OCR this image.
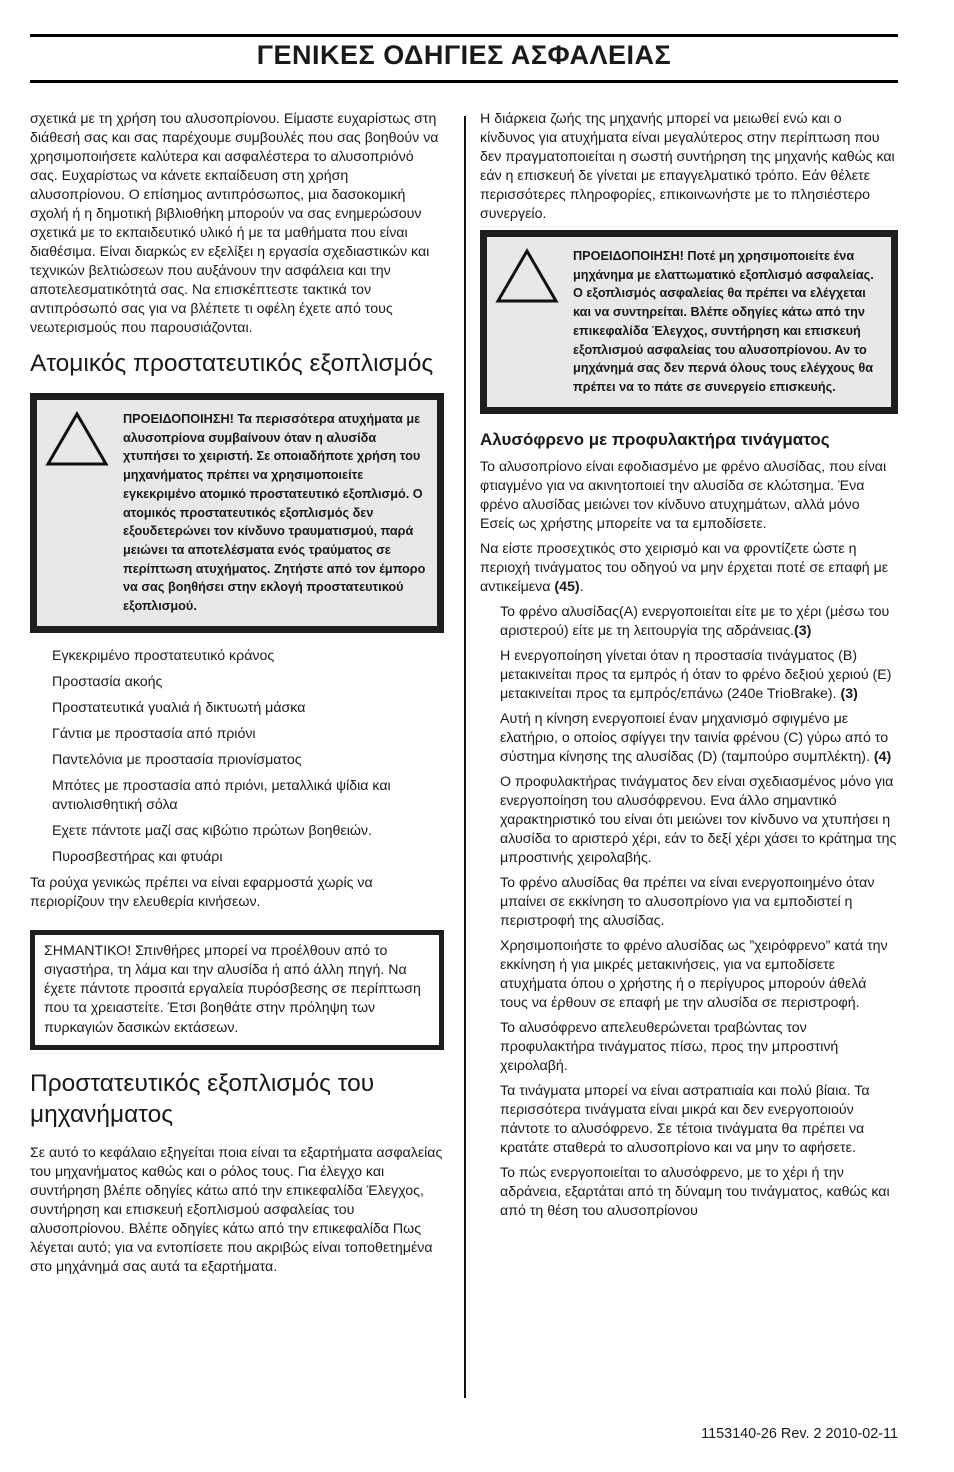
ΓΕΝΙΚΕΣ ΟΔΗΓΙΕΣ ΑΣΦΑΛΕΙΑΣ

σχετικά με τη χρήση του αλυσοπρίονου. Είμαστε ευχαρίστως στη διάθεσή σας και σας παρέχουμε συμβουλές που σας βοηθούν να χρησιμοποιήσετε καλύτερα και ασφαλέστερα το αλυσοπριόνό σας. Ευχαρίστως να κάνετε εκπαίδευση στη χρήση αλυσοπρίονου. Ο επίσημος αντιπρόσωπος, μια δασοκομική σχολή ή η δημοτική βιβλιοθήκη μπορούν να σας ενημερώσουν σχετικά με το εκπαιδευτικό υλικό ή με τα μαθήματα που είναι διαθέσιμα. Είναι διαρκώς εν εξελίξει η εργασία σχεδιαστικών και τεχνικών βελτιώσεων που αυξάνουν την ασφάλεια και την αποτελεσματικότητά σας. Να επισκέπτεστε τακτικά τον αντιπρόσωπό σας για να βλέπετε τι οφέλη έχετε από τους νεωτερισμούς που παρουσιάζονται.

Ατομικός προστατευτικός εξοπλισμός
ΠΡΟΕΙΔΟΠΟΙΗΣΗ! Τα περισσότερα ατυχήματα με αλυσοπρίονα συμβαίνουν όταν η αλυσίδα χτυπήσει το χειριστή. Σε οποιαδήποτε χρήση του μηχανήματος πρέπει να χρησιμοποιείτε εγκεκριμένο ατομικό προστατευτικό εξοπλισμό. Ο ατομικός προστατευτικός εξοπλισμός δεν εξουδετερώνει τον κίνδυνο τραυματισμού, παρά μειώνει τα αποτελέσματα ενός τραύματος σε περίπτωση ατυχήματος. Ζητήστε από τον έμπορο να σας βοηθήσει στην εκλογή προστατευτικού εξοπλισμού.
Εγκεκριμένο προστατευτικό κράνος
Προστασία ακοής
Προστατευτικά γυαλιά ή δικτυωτή μάσκα
Γάντια με προστασία από πριόνι
Παντελόνια με προστασία πριονίσματος
Μπότες με προστασία από πριόνι, μεταλλικά ψίδια και αντιολισθητική σόλα
Εχετε πάντοτε μαζί σας κιβώτιο πρώτων βοηθειών.
Πυροσβεστήρας και φτυάρι

Τα ρούχα γενικώς πρέπει να είναι εφαρμοστά χωρίς να περιορίζουν την ελευθερία κινήσεων.

ΣΗΜΑΝΤΙΚΟ! Σπινθήρες μπορεί να προέλθουν από το σιγαστήρα, τη λάμα και την αλυσίδα ή από άλλη πηγή. Να έχετε πάντοτε προσιτά εργαλεία πυρόσβεσης σε περίπτωση που τα χρειαστείτε. Έτσι βοηθάτε στην πρόληψη των πυρκαγιών δασικών εκτάσεων.

Προστατευτικός εξοπλισμός του μηχανήματος

Σε αυτό το κεφάλαιο εξηγείται ποια είναι τα εξαρτήματα ασφαλείας του μηχανήματος καθώς και ο ρόλος τους. Για έλεγχο και συντήρηση βλέπε οδηγίες κάτω από την επικεφαλίδα Έλεγχος, συντήρηση και επισκευή εξοπλισμού ασφαλείας του αλυσοπρίονου. Βλέπε οδηγίες κάτω από την επικεφαλίδα Πως λέγεται αυτό; για να εντοπίσετε που ακριβώς είναι τοποθετημένα στο μηχάνημά σας αυτά τα εξαρτήματα.

Η διάρκεια ζωής της μηχανής μπορεί να μειωθεί ενώ και ο κίνδυνος για ατυχήματα είναι μεγαλύτερος στην περίπτωση που δεν πραγματοποιείται η σωστή συντήρηση της μηχανής καθώς και εάν η επισκευή δε γίνεται με επαγγελματικό τρόπο. Εάν θέλετε περισσότερες πληροφορίες, επικοινωνήστε με το πλησιέστερο συνεργείο.

ΠΡΟΕΙΔΟΠΟΙΗΣΗ! Ποτέ μη χρησιμοποιείτε ένα μηχάνημα με ελαττωματικό εξοπλισμό ασφαλείας. Ο εξοπλισμός ασφαλείας θα πρέπει να ελέγχεται και να συντηρείται. Βλέπε οδηγίες κάτω από την επικεφαλίδα Έλεγχος, συντήρηση και επισκευή εξοπλισμού ασφαλείας του αλυσοπρίονου. Αν το μηχάνημά σας δεν περνά όλους τους ελέγχους θα πρέπει να το πάτε σε συνεργείο επισκευής.
Αλυσόφρενο με προφυλακτήρα τινάγματος

Το αλυσοπρίονο είναι εφοδιασμένο με φρένο αλυσίδας, που είναι φτιαγμένο για να ακινητοποιεί την αλυσίδα σε κλώτσημα. Ένα φρένο αλυσίδας μειώνει τον κίνδυνο ατυχημάτων, αλλά μόνο Εσείς ως χρήστης μπορείτε να τα εμποδίσετε.

Να είστε προσεχτικός στο χειρισμό και να φροντίζετε ώστε η περιοχή τινάγματος του οδηγού να μην έρχεται ποτέ σε επαφή με αντικείμενα (45).

Το φρένο αλυσίδας(A) ενεργοποιείται είτε με το χέρι (μέσω του αριστερού) είτε με τη λειτουργία της αδράνειας.(3)

Η ενεργοποίηση γίνεται όταν η προστασία τινάγματος (B) μετακινείται προς τα εμπρός ή όταν το φρένο δεξιού χεριού (E) μετακινείται προς τα εμπρός/επάνω (240e TrioBrake). (3)

Αυτή η κίνηση ενεργοποιεί έναν μηχανισμό σφιγμένο με ελατήριο, ο οποίος σφίγγει την ταινία φρένου (C) γύρω από το σύστημα κίνησης της αλυσίδας (D) (ταμπούρο συμπλέκτη). (4)

Ο προφυλακτήρας τινάγματος δεν είναι σχεδιασμένος μόνο για ενεργοποίηση του αλυσόφρενου. Ενα άλλο σημαντικό χαρακτηριστικό του είναι ότι μειώνει τον κίνδυνο να χτυπήσει η αλυσίδα το αριστερό χέρι, εάν το δεξί χέρι χάσει το κράτημα της μπροστινής χειρολαβής.

Το φρένο αλυσίδας θα πρέπει να είναι ενεργοποιημένο όταν μπαίνει σε εκκίνηση το αλυσοπρίονο για να εμποδιστεί η περιστροφή της αλυσίδας.

Χρησιμοποιήστε το φρένο αλυσίδας ως ”χειρόφρενο” κατά την εκκίνηση ή για μικρές μετακινήσεις, για να εμποδίσετε ατυχήματα όπου ο χρήστης ή ο περίγυρος μπορούν άθελά τους να έρθουν σε επαφή με την αλυσίδα σε περιστροφή.

Το αλυσόφρενο απελευθερώνεται τραβώντας τον προφυλακτήρα τινάγματος πίσω, προς την μπροστινή χειρολαβή.

Τα τινάγματα μπορεί να είναι αστραπιαία και πολύ βίαια. Τα περισσότερα τινάγματα είναι μικρά και δεν ενεργοποιούν πάντοτε το αλυσόφρενο. Σε τέτοια τινάγματα θα πρέπει να κρατάτε σταθερά το αλυσοπρίονο και να μην το αφήσετε.

Το πώς ενεργοποιείται το αλυσόφρενο, με το χέρι ή την αδράνεια, εξαρτάται από τη δύναμη του τινάγματος, καθώς και από τη θέση του αλυσοπρίονου

1153140-26 Rev. 2 2010-02-11
